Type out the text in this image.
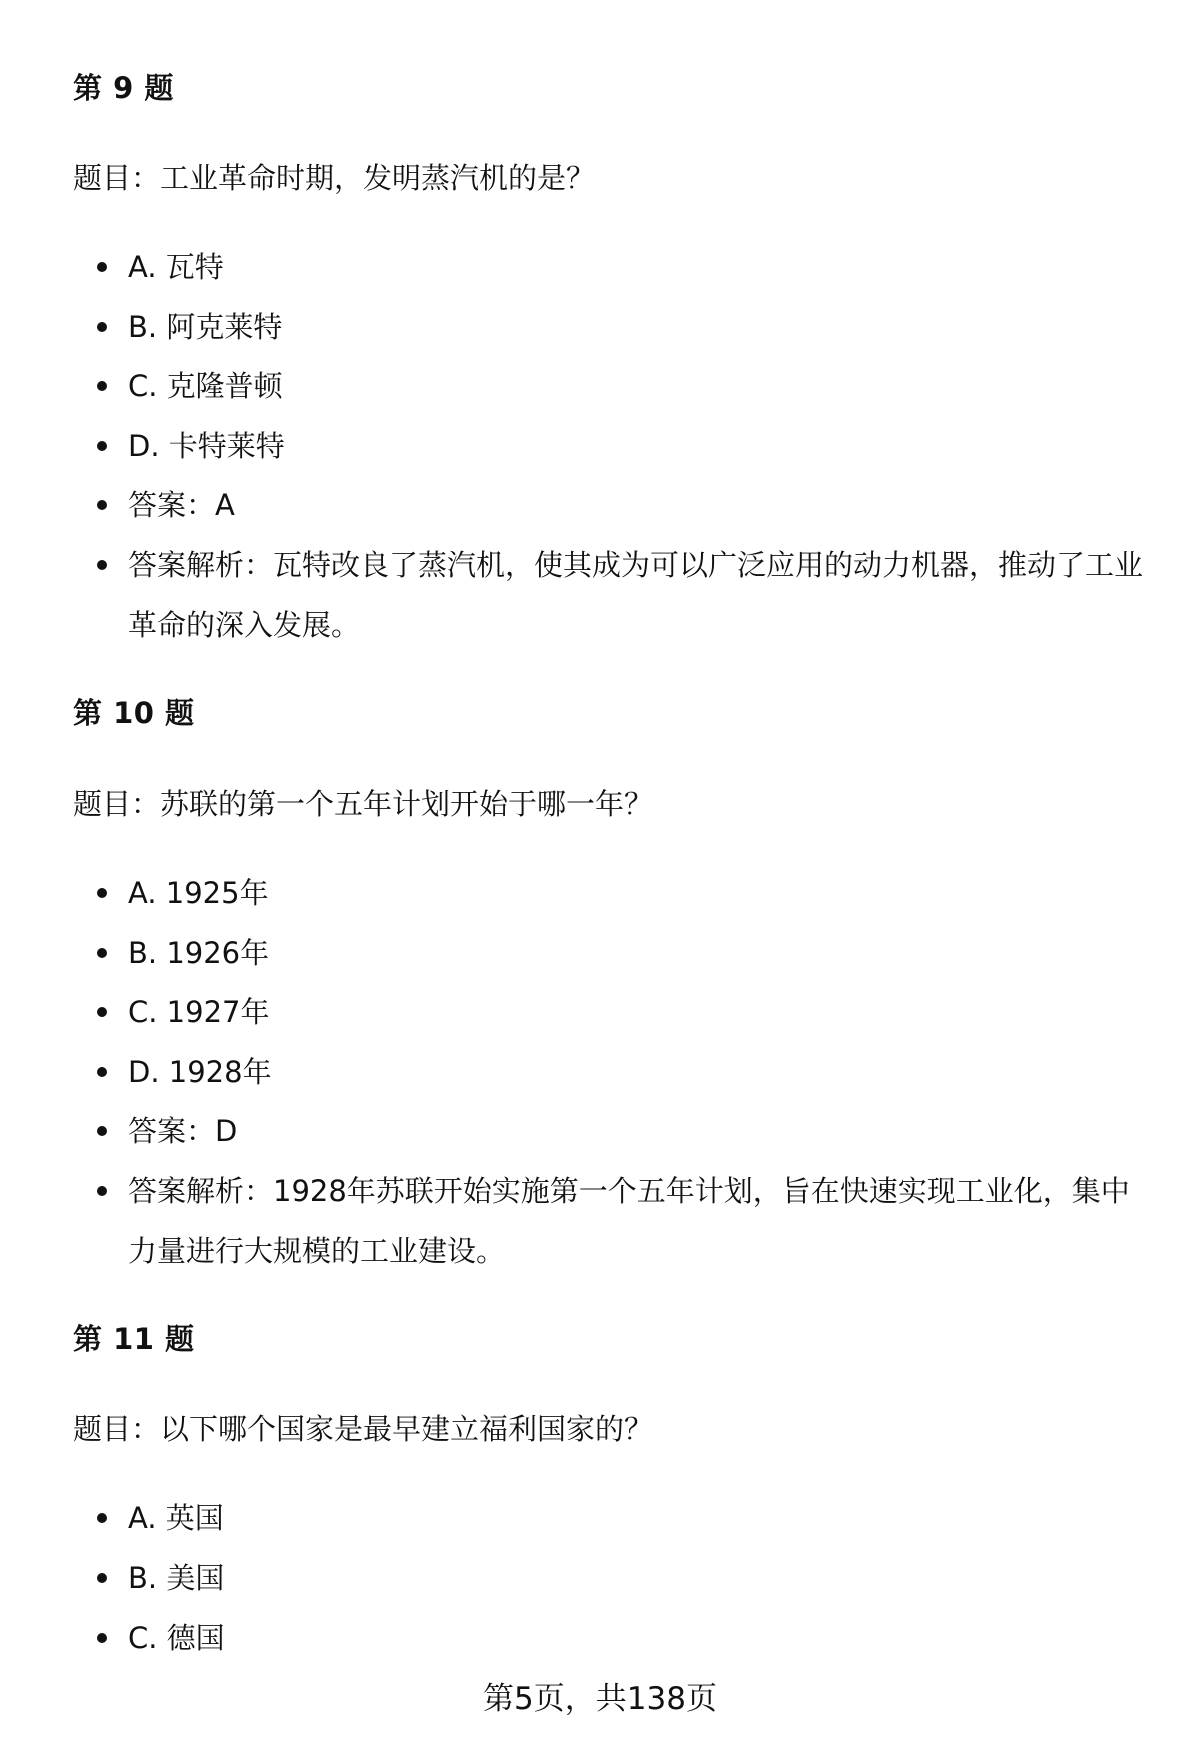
第 9 题
题目：工业革命时期，发明蒸汽机的是？
A. 瓦特
B. 阿克莱特
C. 克隆普顿
D. 卡特莱特
答案：A
答案解析：瓦特改良了蒸汽机，使其成为可以广泛应用的动力机器，推动了工业革命的深入发展。
第 10 题
题目：苏联的第一个五年计划开始于哪一年？
A. 1925年
B. 1926年
C. 1927年
D. 1928年
答案：D
答案解析：1928年苏联开始实施第一个五年计划，旨在快速实现工业化，集中力量进行大规模的工业建设。
第 11 题
题目：以下哪个国家是最早建立福利国家的？
A. 英国
B. 美国
C. 德国
第5页，共138页
